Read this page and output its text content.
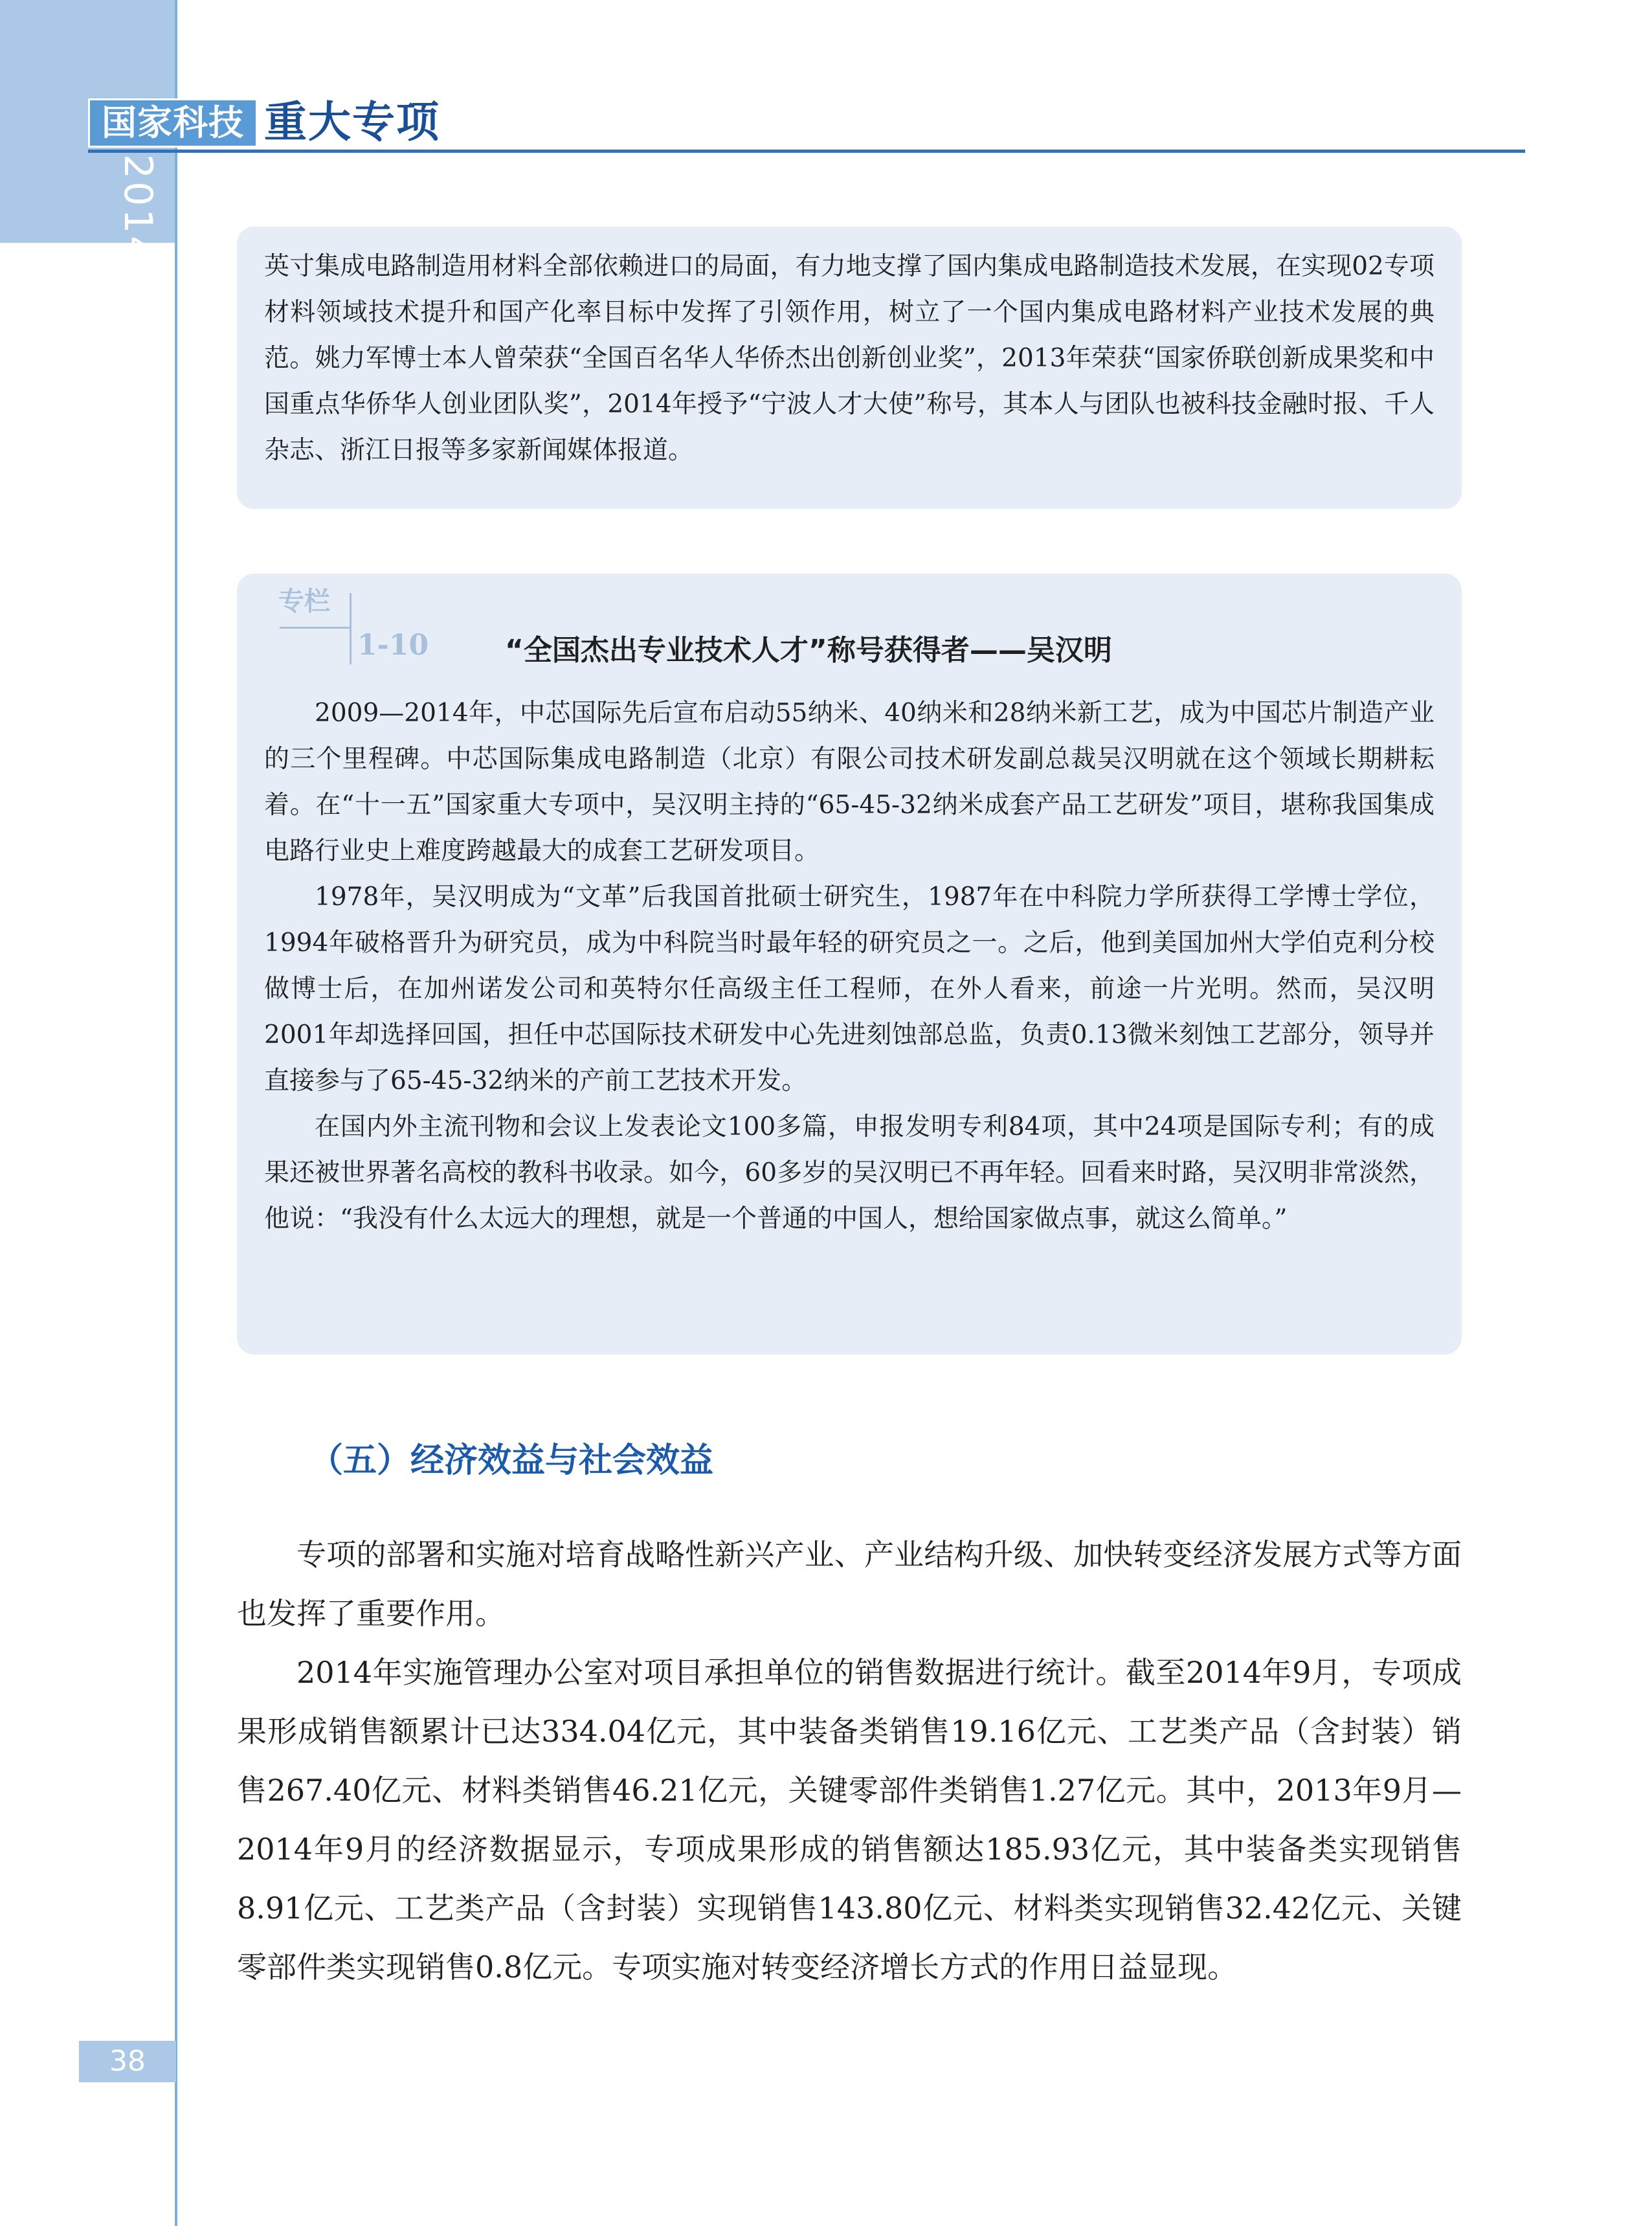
国家科技 重大专项
2014 年度报告	英寸集成电路制造用材料全部依赖进口的局面，有力地支撑了国内集成电路制造技术发展，在实现02专项材料领域技术提升和国产化率目标中发挥了引领作用，树立了一个国内集成电路材料产业技术发展的典范。姚力军博士本人曾荣获“全国百名华人华侨杰出创新创业奖”，2013年荣获“国家侨联创新成果奖和中国重点华侨华人创业团队奖”，2014年授予“宁波人才大使”称号，其本人与团队也被科技金融时报、千人杂志、浙江日报等多家新闻媒体报道。

2009—2014年，中芯国际先后宣布启动55纳米、40纳米和28纳米新工艺，成为中国芯片制造产业的三个里程碑。中芯国际集成电路制造（北京）有限公司技术研发副总裁吴汉明就在这个领域长期耕耘着。在“十一五”国家重大专项中，吴汉明主持的“65-45-32纳米成套产品工艺研发”项目，堪称我国集成电路行业史上难度跨越最大的成套工艺研发项目。

1978年，吴汉明成为“文革”后我国首批硕士研究生，1987年在中科院力学所获得工学博士学位，1994年破格晋升为研究员，成为中科院当时最年轻的研究员之一。之后，他到美国加州大学伯克利分校做博士后，在加州诺发公司和英特尔任高级主任工程师，在外人看来，前途一片光明。然而，吴汉明2001年却选择回国，担任中芯国际技术研发中心先进刻蚀部总监，负责0.13微米刻蚀工艺部分，领导并直接参与了65-45-32纳米的产前工艺技术开发。

在国内外主流刊物和会议上发表论文100多篇，申报发明专利84项，其中24项是国际专利；有的成果还被世界著名高校的教科书收录。如今，60多岁的吴汉明已不再年轻。回看来时路，吴汉明非常淡然，他说：“我没有什么太远大的理想，就是一个普通的中国人，想给国家做点事，就这么简单。”

专栏
1-10	“全国杰出专业技术人才”称号获得者——吴汉明
（五）经济效益与社会效益

专项的部署和实施对培育战略性新兴产业、产业结构升级、加快转变经济发展方式等方面也发挥了重要作用。

2014年实施管理办公室对项目承担单位的销售数据进行统计。截至2014年9月，专项成果形成销售额累计已达334.04亿元，其中装备类销售19.16亿元、工艺类产品（含封装）销售267.40亿元、材料类销售46.21亿元，关键零部件类销售1.27亿元。其中，2013年9月—2014年9月的经济数据显示，专项成果形成的销售额达185.93亿元，其中装备类实现销售8.91亿元、工艺类产品（含封装）实现销售143.80亿元、材料类实现销售32.42亿元、关键零部件类实现销售0.8亿元。专项实施对转变经济增长方式的作用日益显现。

38
